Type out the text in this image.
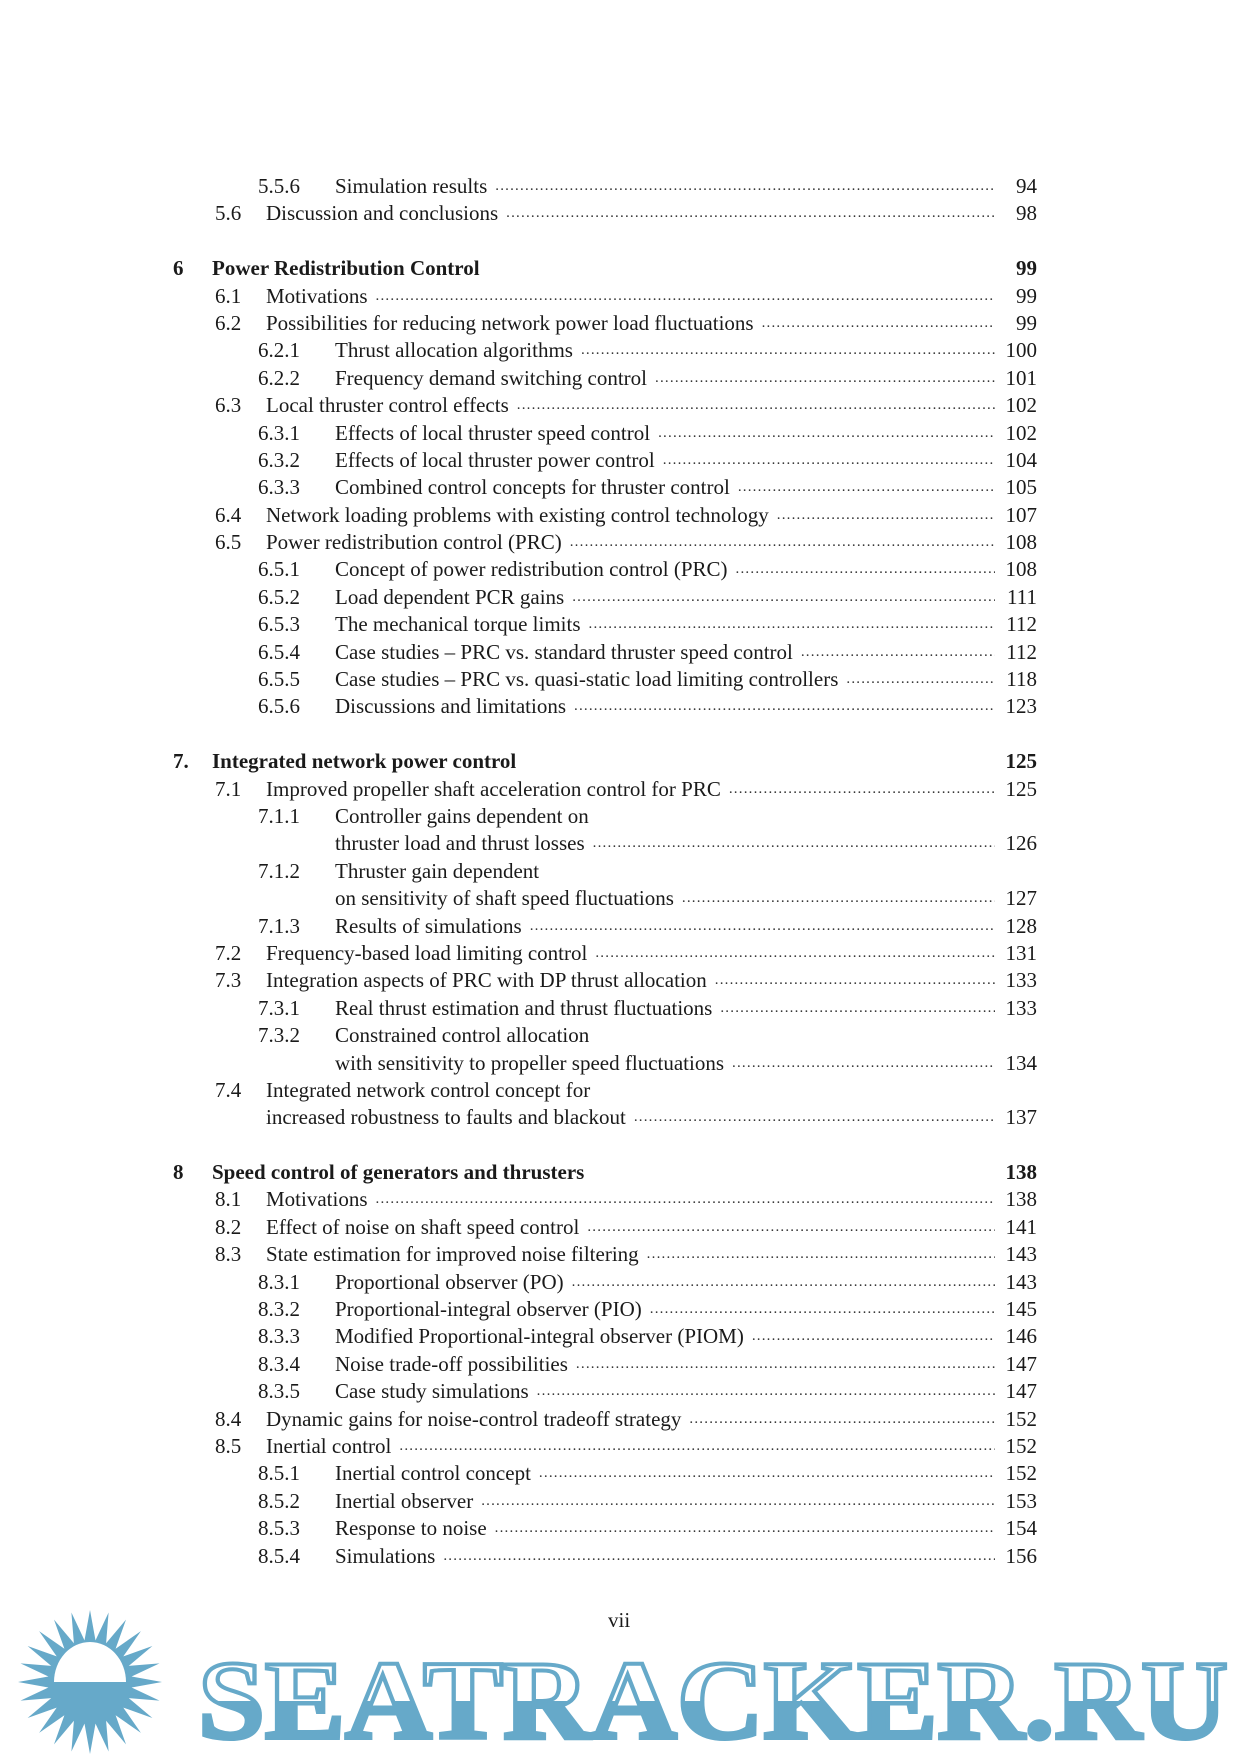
5.5.6 Simulation results .....	94
5.6 Discussion and conclusions .....	98
6 Power Redistribution Control	99
6.1 Motivations .....	99
6.2 Possibilities for reducing network power load fluctuations .....	99
6.2.1 Thrust allocation algorithms .....	100
6.2.2 Frequency demand switching control .....	101
6.3 Local thruster control effects .....	102
6.3.1 Effects of local thruster speed control .....	102
6.3.2 Effects of local thruster power control .....	104
6.3.3 Combined control concepts for thruster control .....	105
6.4 Network loading problems with existing control technology .....	107
6.5 Power redistribution control (PRC) .....	108
6.5.1 Concept of power redistribution control (PRC) .....	108
6.5.2 Load dependent PCR gains .....	111
6.5.3 The mechanical torque limits .....	112
6.5.4 Case studies – PRC vs. standard thruster speed control .....	112
6.5.5 Case studies – PRC vs. quasi-static load limiting controllers .....	118
6.5.6 Discussions and limitations .....	123
7. Integrated network power control	125
7.1 Improved propeller shaft acceleration control for PRC .....	125
7.1.1 Controller gains dependent on
thruster load and thrust losses .....	126
7.1.2 Thruster gain dependent
on sensitivity of shaft speed fluctuations .....	127
7.1.3 Results of simulations .....	128
7.2 Frequency-based load limiting control .....	131
7.3 Integration aspects of PRC with DP thrust allocation .....	133
7.3.1 Real thrust estimation and thrust fluctuations .....	133
7.3.2 Constrained control allocation
with sensitivity to propeller speed fluctuations .....	134
7.4 Integrated network control concept for
increased robustness to faults and blackout .....	137
8 Speed control of generators and thrusters	138
8.1 Motivations .....	138
8.2 Effect of noise on shaft speed control .....	141
8.3 State estimation for improved noise filtering .....	143
8.3.1 Proportional observer (PO) .....	143
8.3.2 Proportional-integral observer (PIO) .....	145
8.3.3 Modified Proportional-integral observer (PIOM) .....	146
8.3.4 Noise trade-off possibilities .....	147
8.3.5 Case study simulations .....	147
8.4 Dynamic gains for noise-control tradeoff strategy .....	152
8.5 Inertial control .....	152
8.5.1 Inertial control concept .....	152
8.5.2 Inertial observer .....	153
8.5.3 Response to noise .....	154
8.5.4 Simulations .....	156
SEATRACKER.RU
vii
